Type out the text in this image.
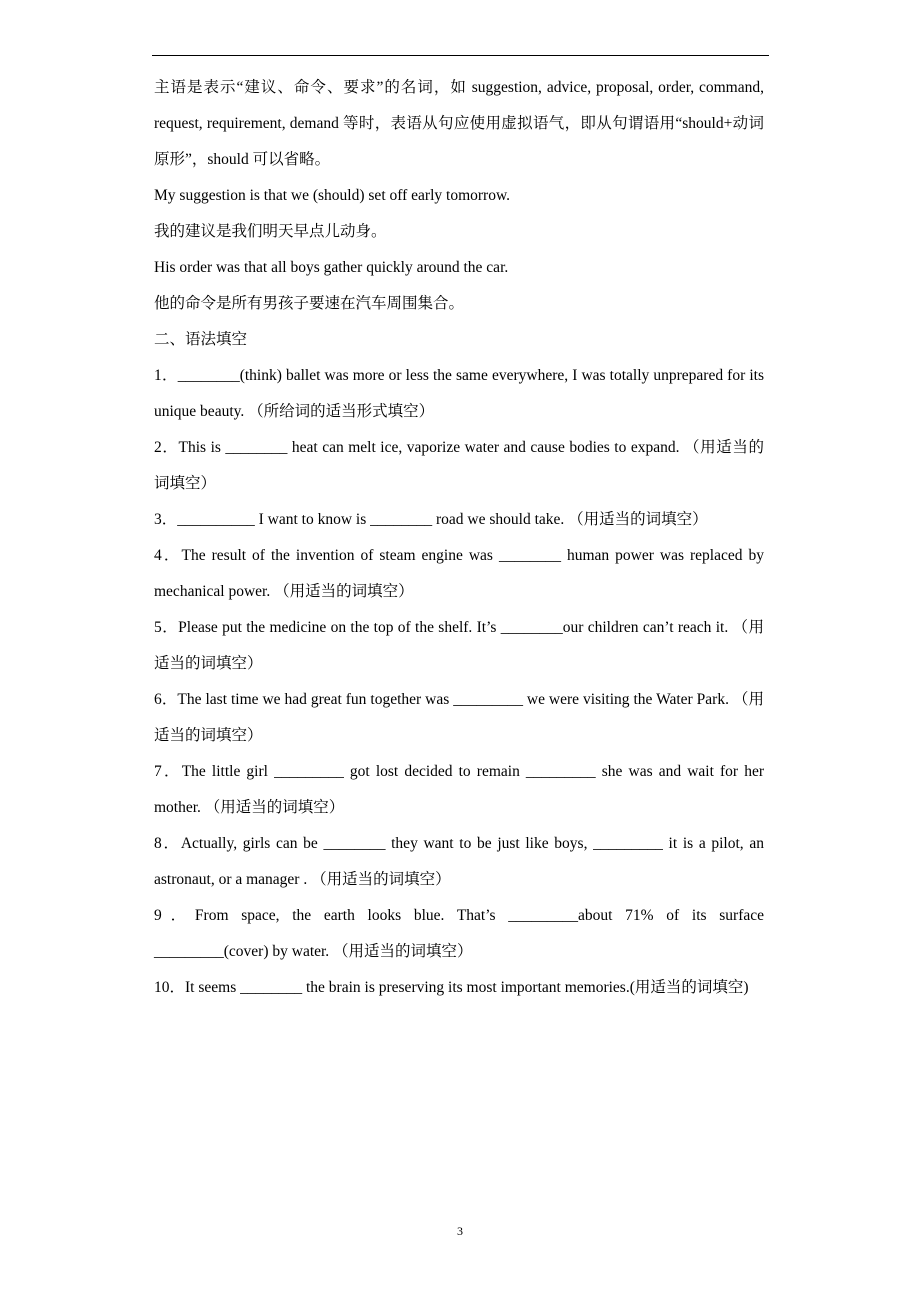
主语是表示“建议、命令、要求”的名词，如 suggestion, advice, proposal, order, command, request, requirement, demand 等时，表语从句应使用虚拟语气，即从句谓语用“should+动词原形”，should 可以省略。

My suggestion is that we (should) set off early tomorrow.

我的建议是我们明天早点儿动身。

His order was that all boys gather quickly around the car.

他的命令是所有男孩子要速在汽车周围集合。

二、语法填空

1．________(think) ballet was more or less the same everywhere, I was totally unprepared for its unique beauty. （所给词的适当形式填空）

2．This is ________ heat can melt ice, vaporize water and cause bodies to expand. （用适当的词填空）

3．__________ I want to know is ________ road we should take. （用适当的词填空）

4．The result of the invention of steam engine was ________ human power was replaced by mechanical power. （用适当的词填空）

5．Please put the medicine on the top of the shelf. It’s ________our children can’t reach it. （用适当的词填空）

6．The last time we had great fun together was _________ we were visiting the Water Park. （用适当的词填空）

7．The little girl _________ got lost decided to remain _________ she was and wait for her mother. （用适当的词填空）

8．Actually, girls can be ________ they want to be just like boys, _________ it is a pilot, an astronaut, or a manager . （用适当的词填空）

9．From space, the earth looks blue. That’s _________about 71% of its surface _________(cover) by water. （用适当的词填空）

10．It seems ________ the brain is preserving its most important memories.(用适当的词填空)

3
